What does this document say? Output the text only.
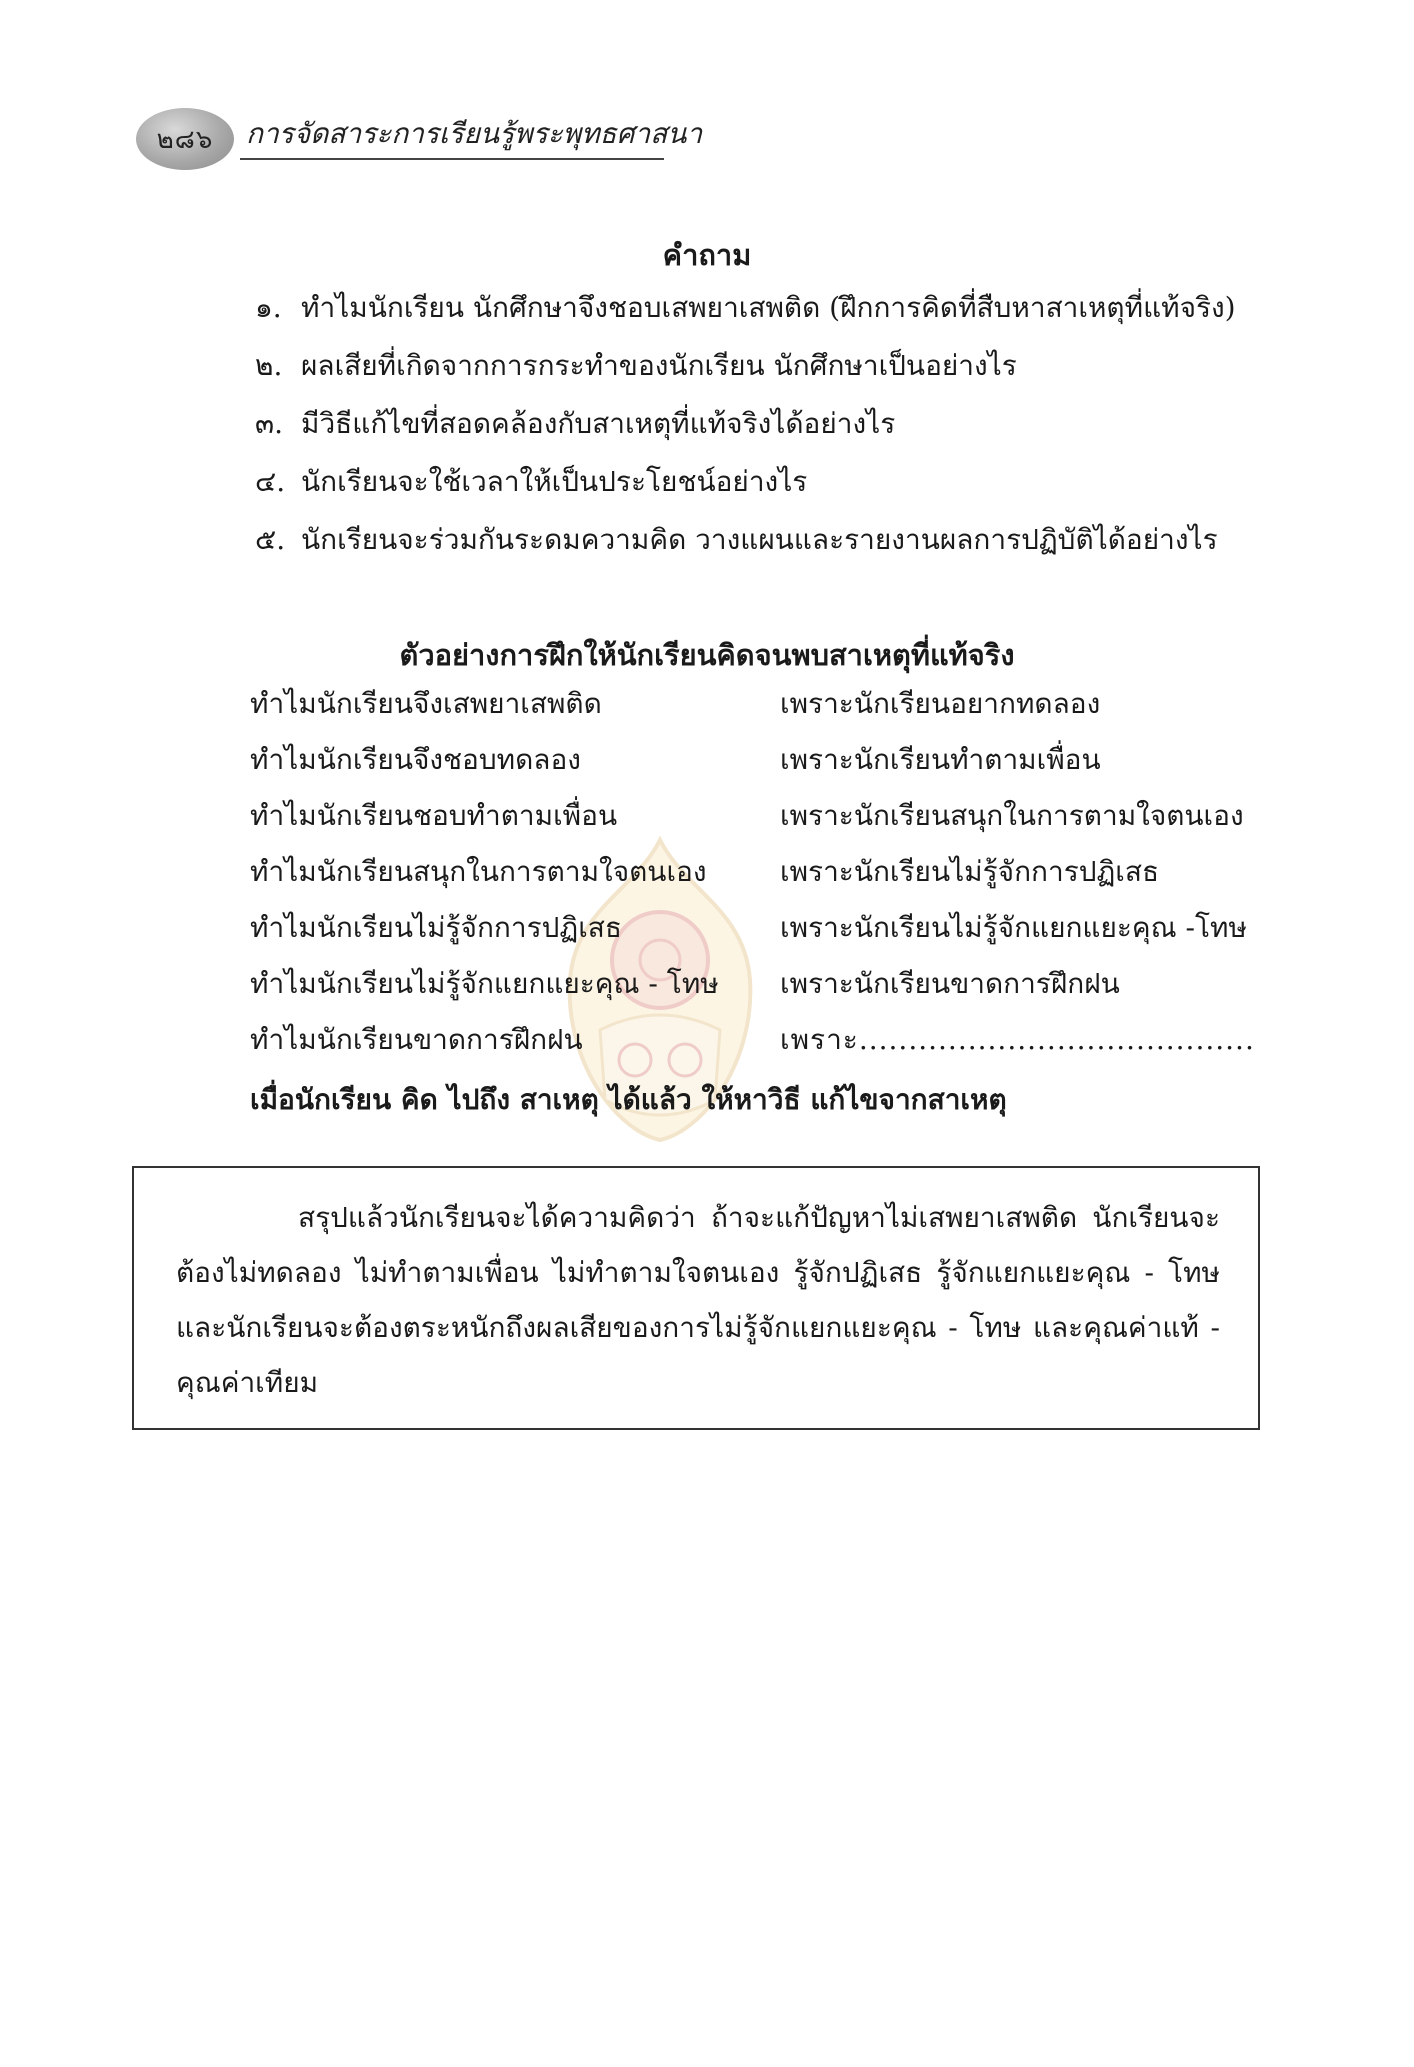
๒๘๖ การจัดสาระการเรียนรู้พระพุทธศาสนา
คำถาม
๑. ทำไมนักเรียน นักศึกษาจึงชอบเสพยาเสพติด (ฝึกการคิดที่สืบหาสาเหตุที่แท้จริง)
๒. ผลเสียที่เกิดจากการกระทำของนักเรียน นักศึกษาเป็นอย่างไร
๓. มีวิธีแก้ไขที่สอดคล้องกับสาเหตุที่แท้จริงได้อย่างไร
๔. นักเรียนจะใช้เวลาให้เป็นประโยชน์อย่างไร
๕. นักเรียนจะร่วมกันระดมความคิด วางแผนและรายงานผลการปฏิบัติได้อย่างไร
ตัวอย่างการฝึกให้นักเรียนคิดจนพบสาเหตุที่แท้จริง
ทำไมนักเรียนจึงเสพยาเสพติด	เพราะนักเรียนอยากทดลอง
ทำไมนักเรียนจึงชอบทดลอง	เพราะนักเรียนทำตามเพื่อน
ทำไมนักเรียนชอบทำตามเพื่อน	เพราะนักเรียนสนุกในการตามใจตนเอง
ทำไมนักเรียนสนุกในการตามใจตนเอง	เพราะนักเรียนไม่รู้จักการปฏิเสธ
ทำไมนักเรียนไม่รู้จักการปฏิเสธ	เพราะนักเรียนไม่รู้จักแยกแยะคุณ -โทษ
ทำไมนักเรียนไม่รู้จักแยกแยะคุณ - โทษ	เพราะนักเรียนขาดการฝึกฝน
ทำไมนักเรียนขาดการฝึกฝน	เพราะ........................................
เมื่อนักเรียน คิด ไปถึง สาเหตุ ได้แล้ว ให้หาวิธี แก้ไขจากสาเหตุ

สรุปแล้วนักเรียนจะได้ความคิดว่า ถ้าจะแก้ปัญหาไม่เสพยาเสพติด นักเรียนจะต้องไม่ทดลอง ไม่ทำตามเพื่อน ไม่ทำตามใจตนเอง รู้จักปฏิเสธ รู้จักแยกแยะคุณ - โทษ และนักเรียนจะต้องตระหนักถึงผลเสียของการไม่รู้จักแยกแยะคุณ - โทษ และคุณค่าแท้ - คุณค่าเทียม
